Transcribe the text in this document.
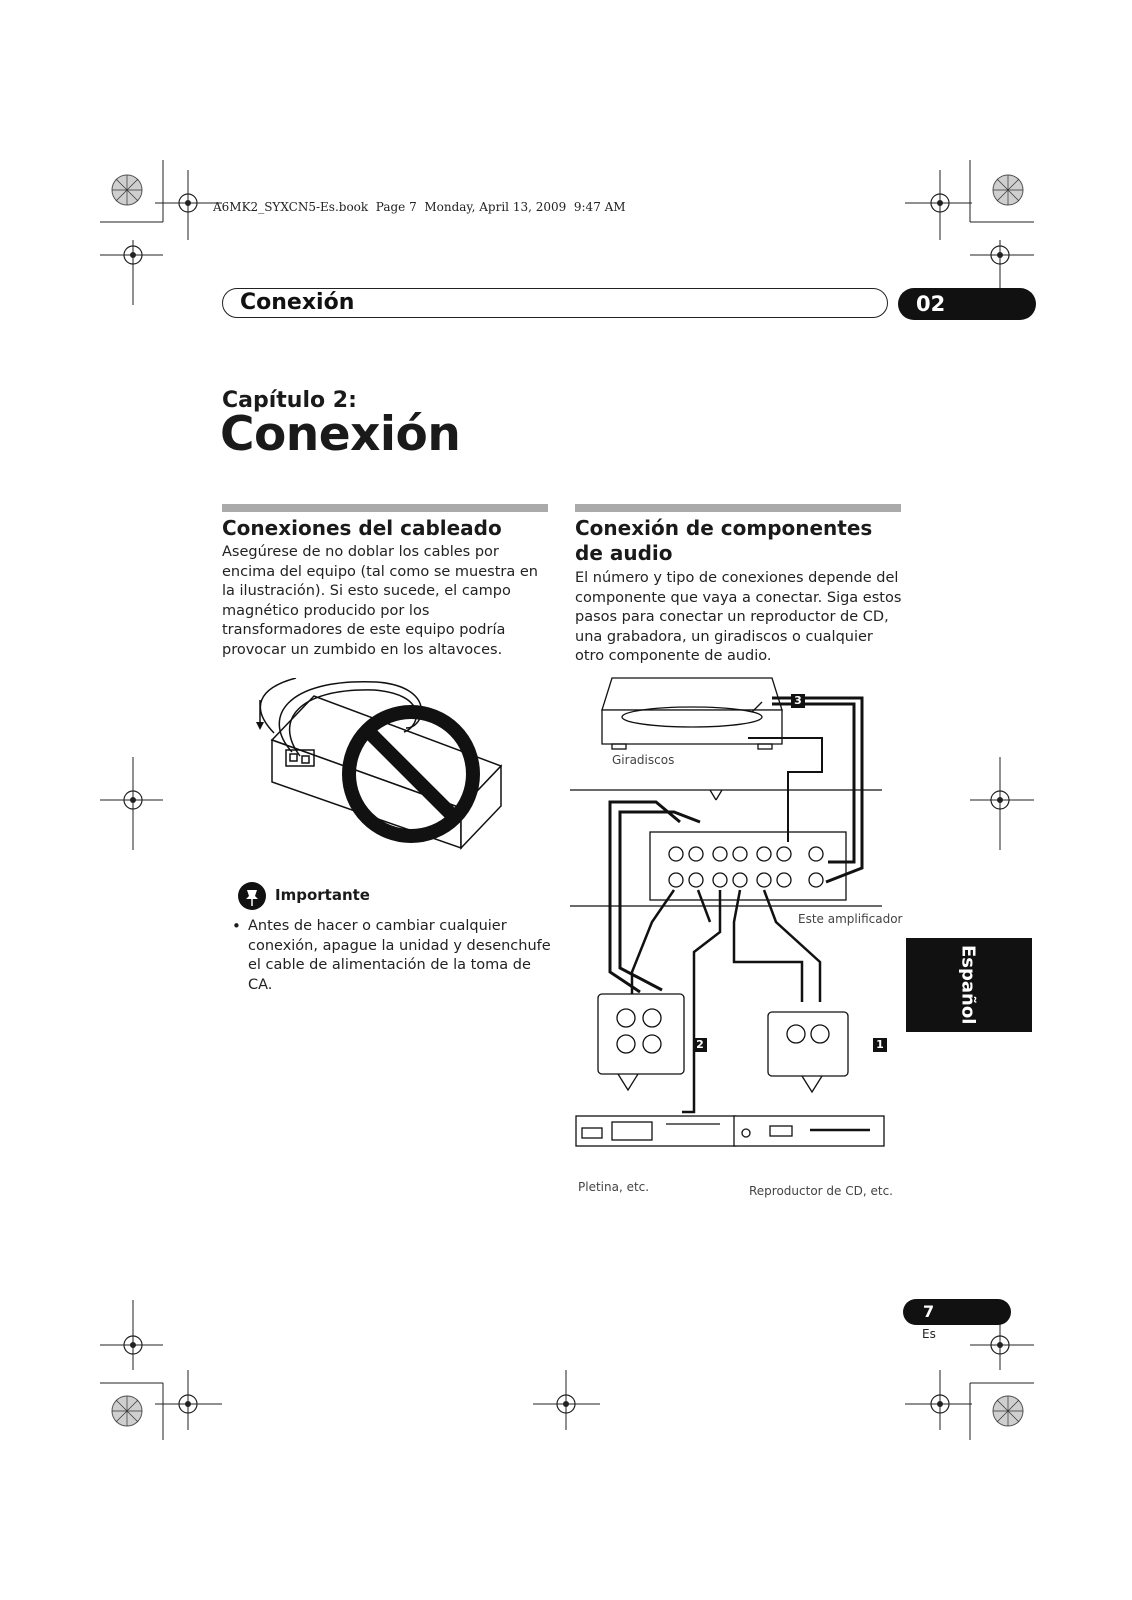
A6MK2_SYXCN5-Es.book  Page 7  Monday, April 13, 2009  9:47 AM
Conexión	02
Capítulo 2:
Conexión
Conexiones del cableado
Asegúrese de no doblar los cables por encima del equipo (tal como se muestra en la ilustración). Si esto sucede, el campo magnético producido por los transformadores de este equipo podría provocar un zumbido en los altavoces.
Importante
• Antes de hacer o cambiar cualquier conexión, apague la unidad y desenchufe el cable de alimentación de la toma de CA.
Conexión de componentes de audio
El número y tipo de conexiones depende del componente que vaya a conectar. Siga estos pasos para conectar un reproductor de CD, una grabadora, un giradiscos o cualquier otro componente de audio.
Giradiscos
Este amplificador
Pletina, etc.	Reproductor de CD, etc.
3
2	1
Español
7
Es
